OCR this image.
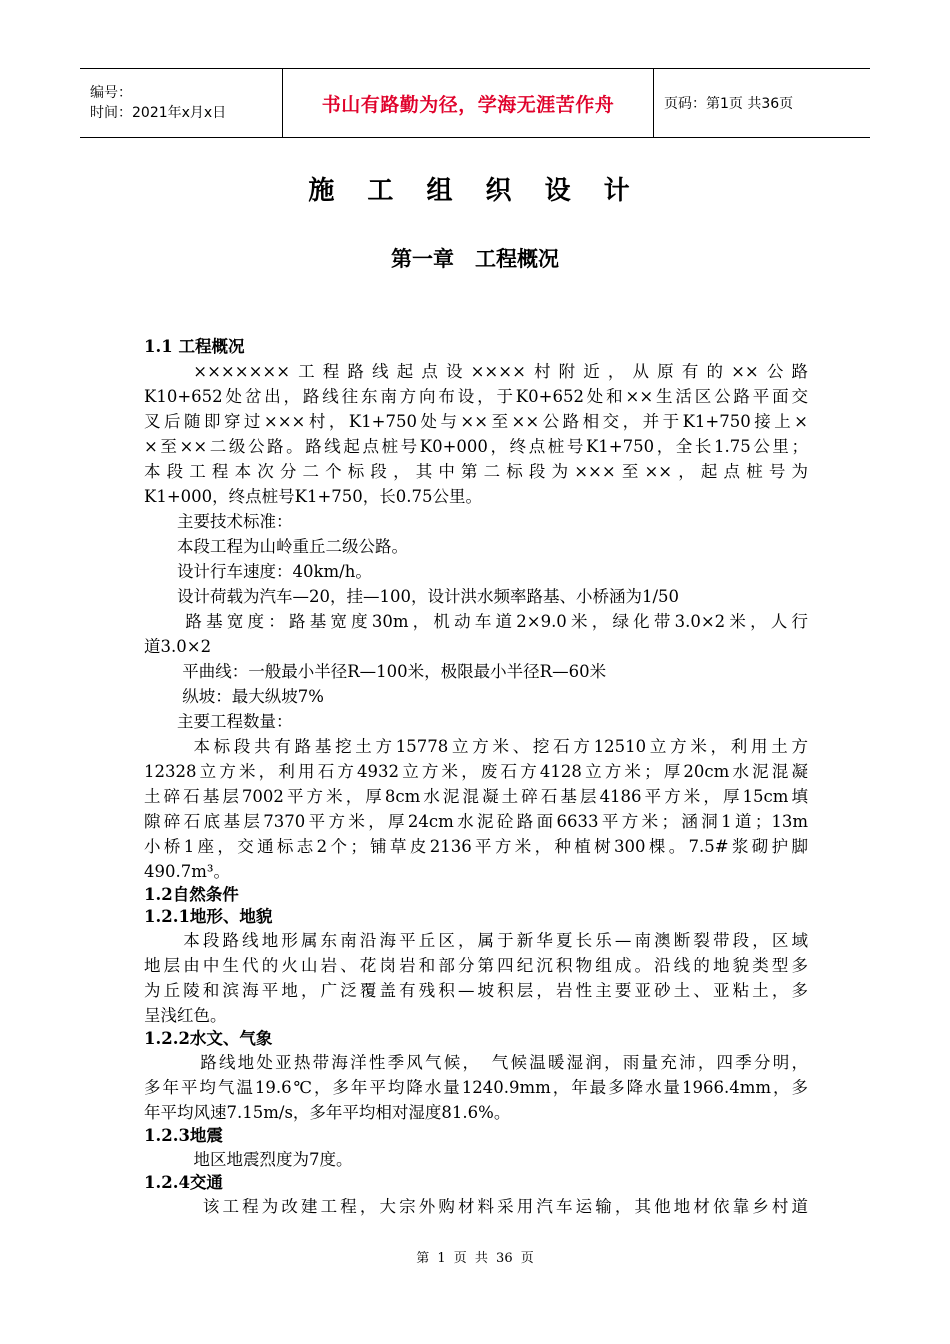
编号：
时间：2021年x月x日	书山有路勤为径，学海无涯苦作舟	页码：第1页 共36页
施 工 组 织 设 计
第一章　工程概况
1.1 工程概况
　　×××××××工程路线起点设××××村附近，从原有的××公路
K10+652处岔出，路线往东南方向布设，于K0+652处和××生活区公路平面交
叉后随即穿过×××村，K1+750处与××至××公路相交，并于K1+750接上×
×至××二级公路。路线起点桩号K0+000，终点桩号K1+750，全长1.75公里；
本段工程本次分二个标段，其中第二标段为×××至××，起点桩号为
K1+000，终点桩号K1+750，长0.75公里。
　　主要技术标准：
　　本段工程为山岭重丘二级公路。
　　设计行车速度：40km/h。
　　设计荷载为汽车—20，挂—100，设计洪水频率路基、小桥涵为1/50
　　路基宽度：路基宽度30m，机动车道2×9.0米，绿化带3.0×2米，人行
道3.0×2
　　 平曲线：一般最小半径R—100米，极限最小半径R—60米
　　 纵坡：最大纵坡7%
　　主要工程数量：
　　 本标段共有路基挖土方15778立方米、挖石方12510立方米，利用土方
12328立方米，利用石方4932立方米，废石方4128立方米；厚20cm水泥混凝
土碎石基层7002平方米，厚8cm水泥混凝土碎石基层4186平方米，厚15cm填
隙碎石底基层7370平方米，厚24cm水泥砼路面6633平方米；涵洞1道；13m
小桥1座，交通标志2个；铺草皮2136平方米，种植树300棵。7.5#浆砌护脚
490.7m³。
1.2自然条件
1.2.1地形、地貌
　　本段路线地形属东南沿海平丘区，属于新华夏长乐—南澳断裂带段，区域
地层由中生代的火山岩、花岗岩和部分第四纪沉积物组成。沿线的地貌类型多
为丘陵和滨海平地，广泛覆盖有残积—坡积层，岩性主要亚砂土、亚粘土，多
呈浅红色。
1.2.2水文、气象
　　　路线地处亚热带海洋性季风气候，　气候温暖湿润，雨量充沛，四季分明，
多年平均气温19.6℃，多年平均降水量1240.9mm，年最多降水量1966.4mm，多
年平均风速7.15m/s，多年平均相对湿度81.6%。
1.2.3地震
　　　地区地震烈度为7度。
1.2.4交通
　　　该工程为改建工程，大宗外购材料采用汽车运输，其他地材依靠乡村道
第 1 页 共 36 页
